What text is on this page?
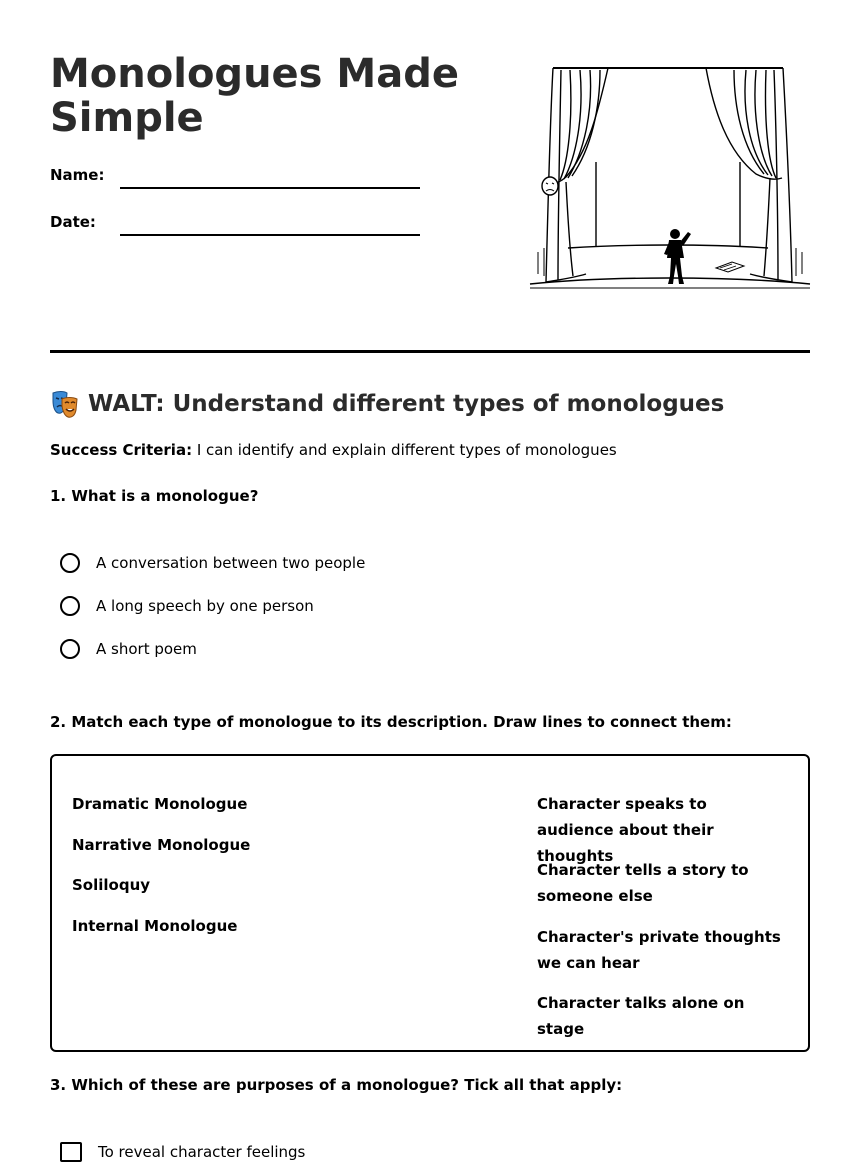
Monologues Made Simple
Name:
Date:
WALT: Understand different types of monologues
Success Criteria: I can identify and explain different types of monologues
1. What is a monologue?
A conversation between two people
A long speech by one person
A short poem
2. Match each type of monologue to its description. Draw lines to connect them:
Dramatic Monologue
Narrative Monologue
Soliloquy
Internal Monologue
Character speaks to audience about their thoughts
Character tells a story to someone else
Character's private thoughts we can hear
Character talks alone on stage
3. Which of these are purposes of a monologue? Tick all that apply:
To reveal character feelings
